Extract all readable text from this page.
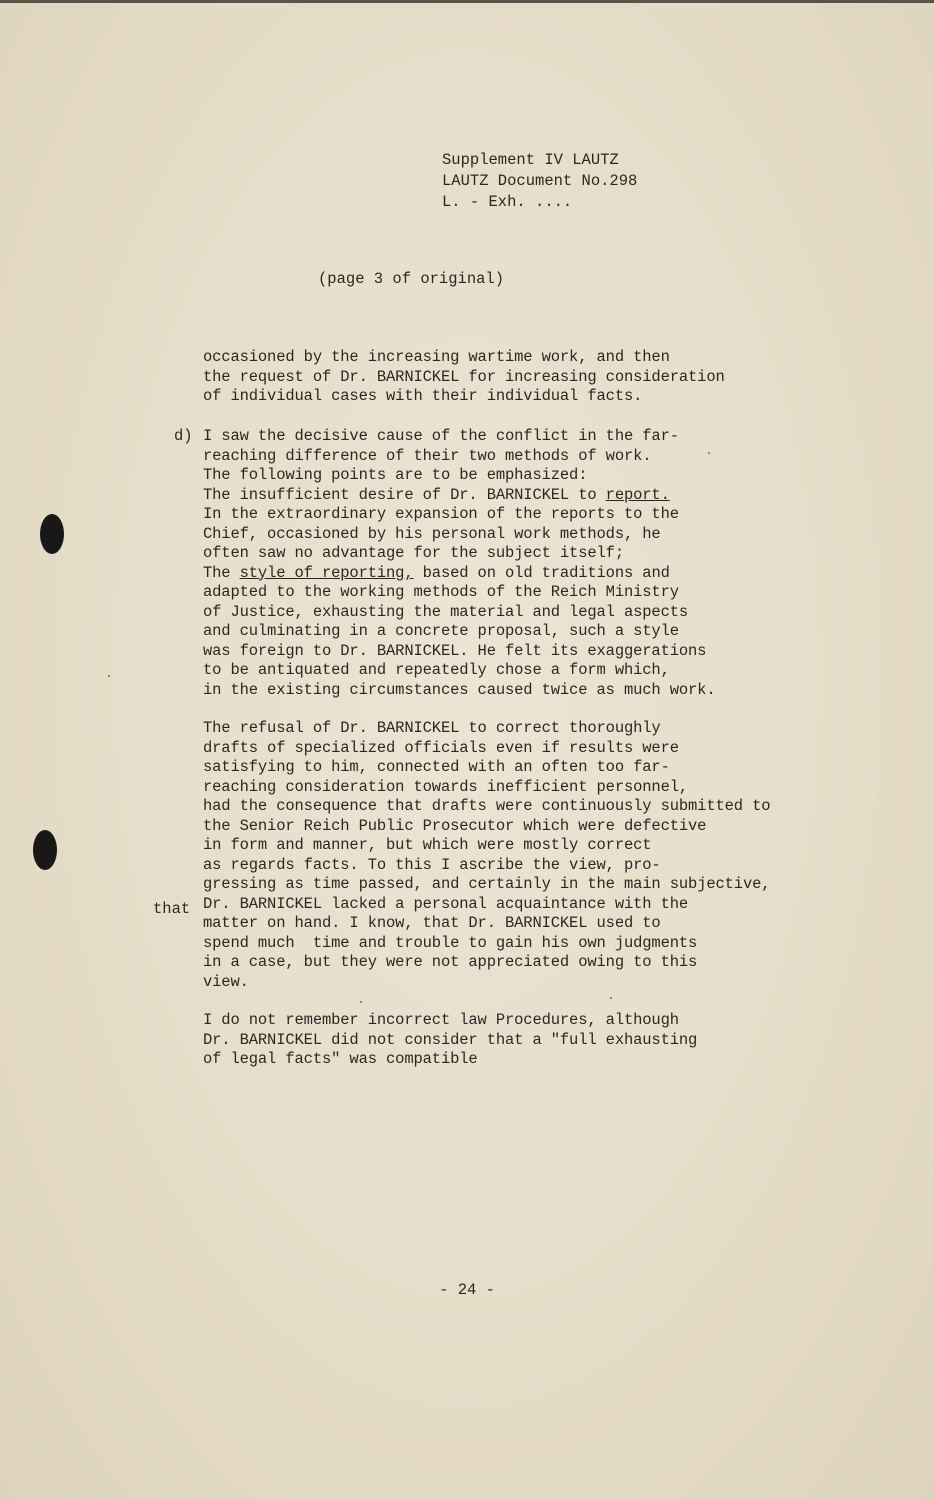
Supplement IV LAUTZ
LAUTZ Document No.298
L. - Exh. ....
(page 3 of original)
occasioned by the increasing wartime work, and then
the request of Dr. BARNICKEL for increasing consideration
of individual cases with their individual facts.
d) I saw the decisive cause of the conflict in the far-
reaching difference of their two methods of work.
The following points are to be emphasized:
The insufficient desire of Dr. BARNICKEL to report.
In the extraordinary expansion of the reports to the
Chief, occasioned by his personal work methods, he
often saw no advantage for the subject itself;
The style of reporting, based on old traditions and
adapted to the working methods of the Reich Ministry
of Justice, exhausting the material and legal aspects
and culminating in a concrete proposal, such a style
was foreign to Dr. BARNICKEL. He felt its exaggerations
to be antiquated and repeatedly chose a form which,
in the existing circumstances caused twice as much work.
that
The refusal of Dr. BARNICKEL to correct thoroughly
drafts of specialized officials even if results were
satisfying to him, connected with an often too far-
reaching consideration towards inefficient personnel,
had the consequence that drafts were continuously submitted to
the Senior Reich Public Prosecutor which were defective
in form and manner, but which were mostly correct
as regards facts. To this I ascribe the view, pro-
gressing as time passed, and certainly in the main subjective,
Dr. BARNICKEL lacked a personal acquaintance with the
matter on hand. I know, that Dr. BARNICKEL used to
spend much  time and trouble to gain his own judgments
in a case, but they were not appreciated owing to this
view.
I do not remember incorrect law Procedures, although
Dr. BARNICKEL did not consider that a "full exhausting
of legal facts" was compatible
- 24 -
